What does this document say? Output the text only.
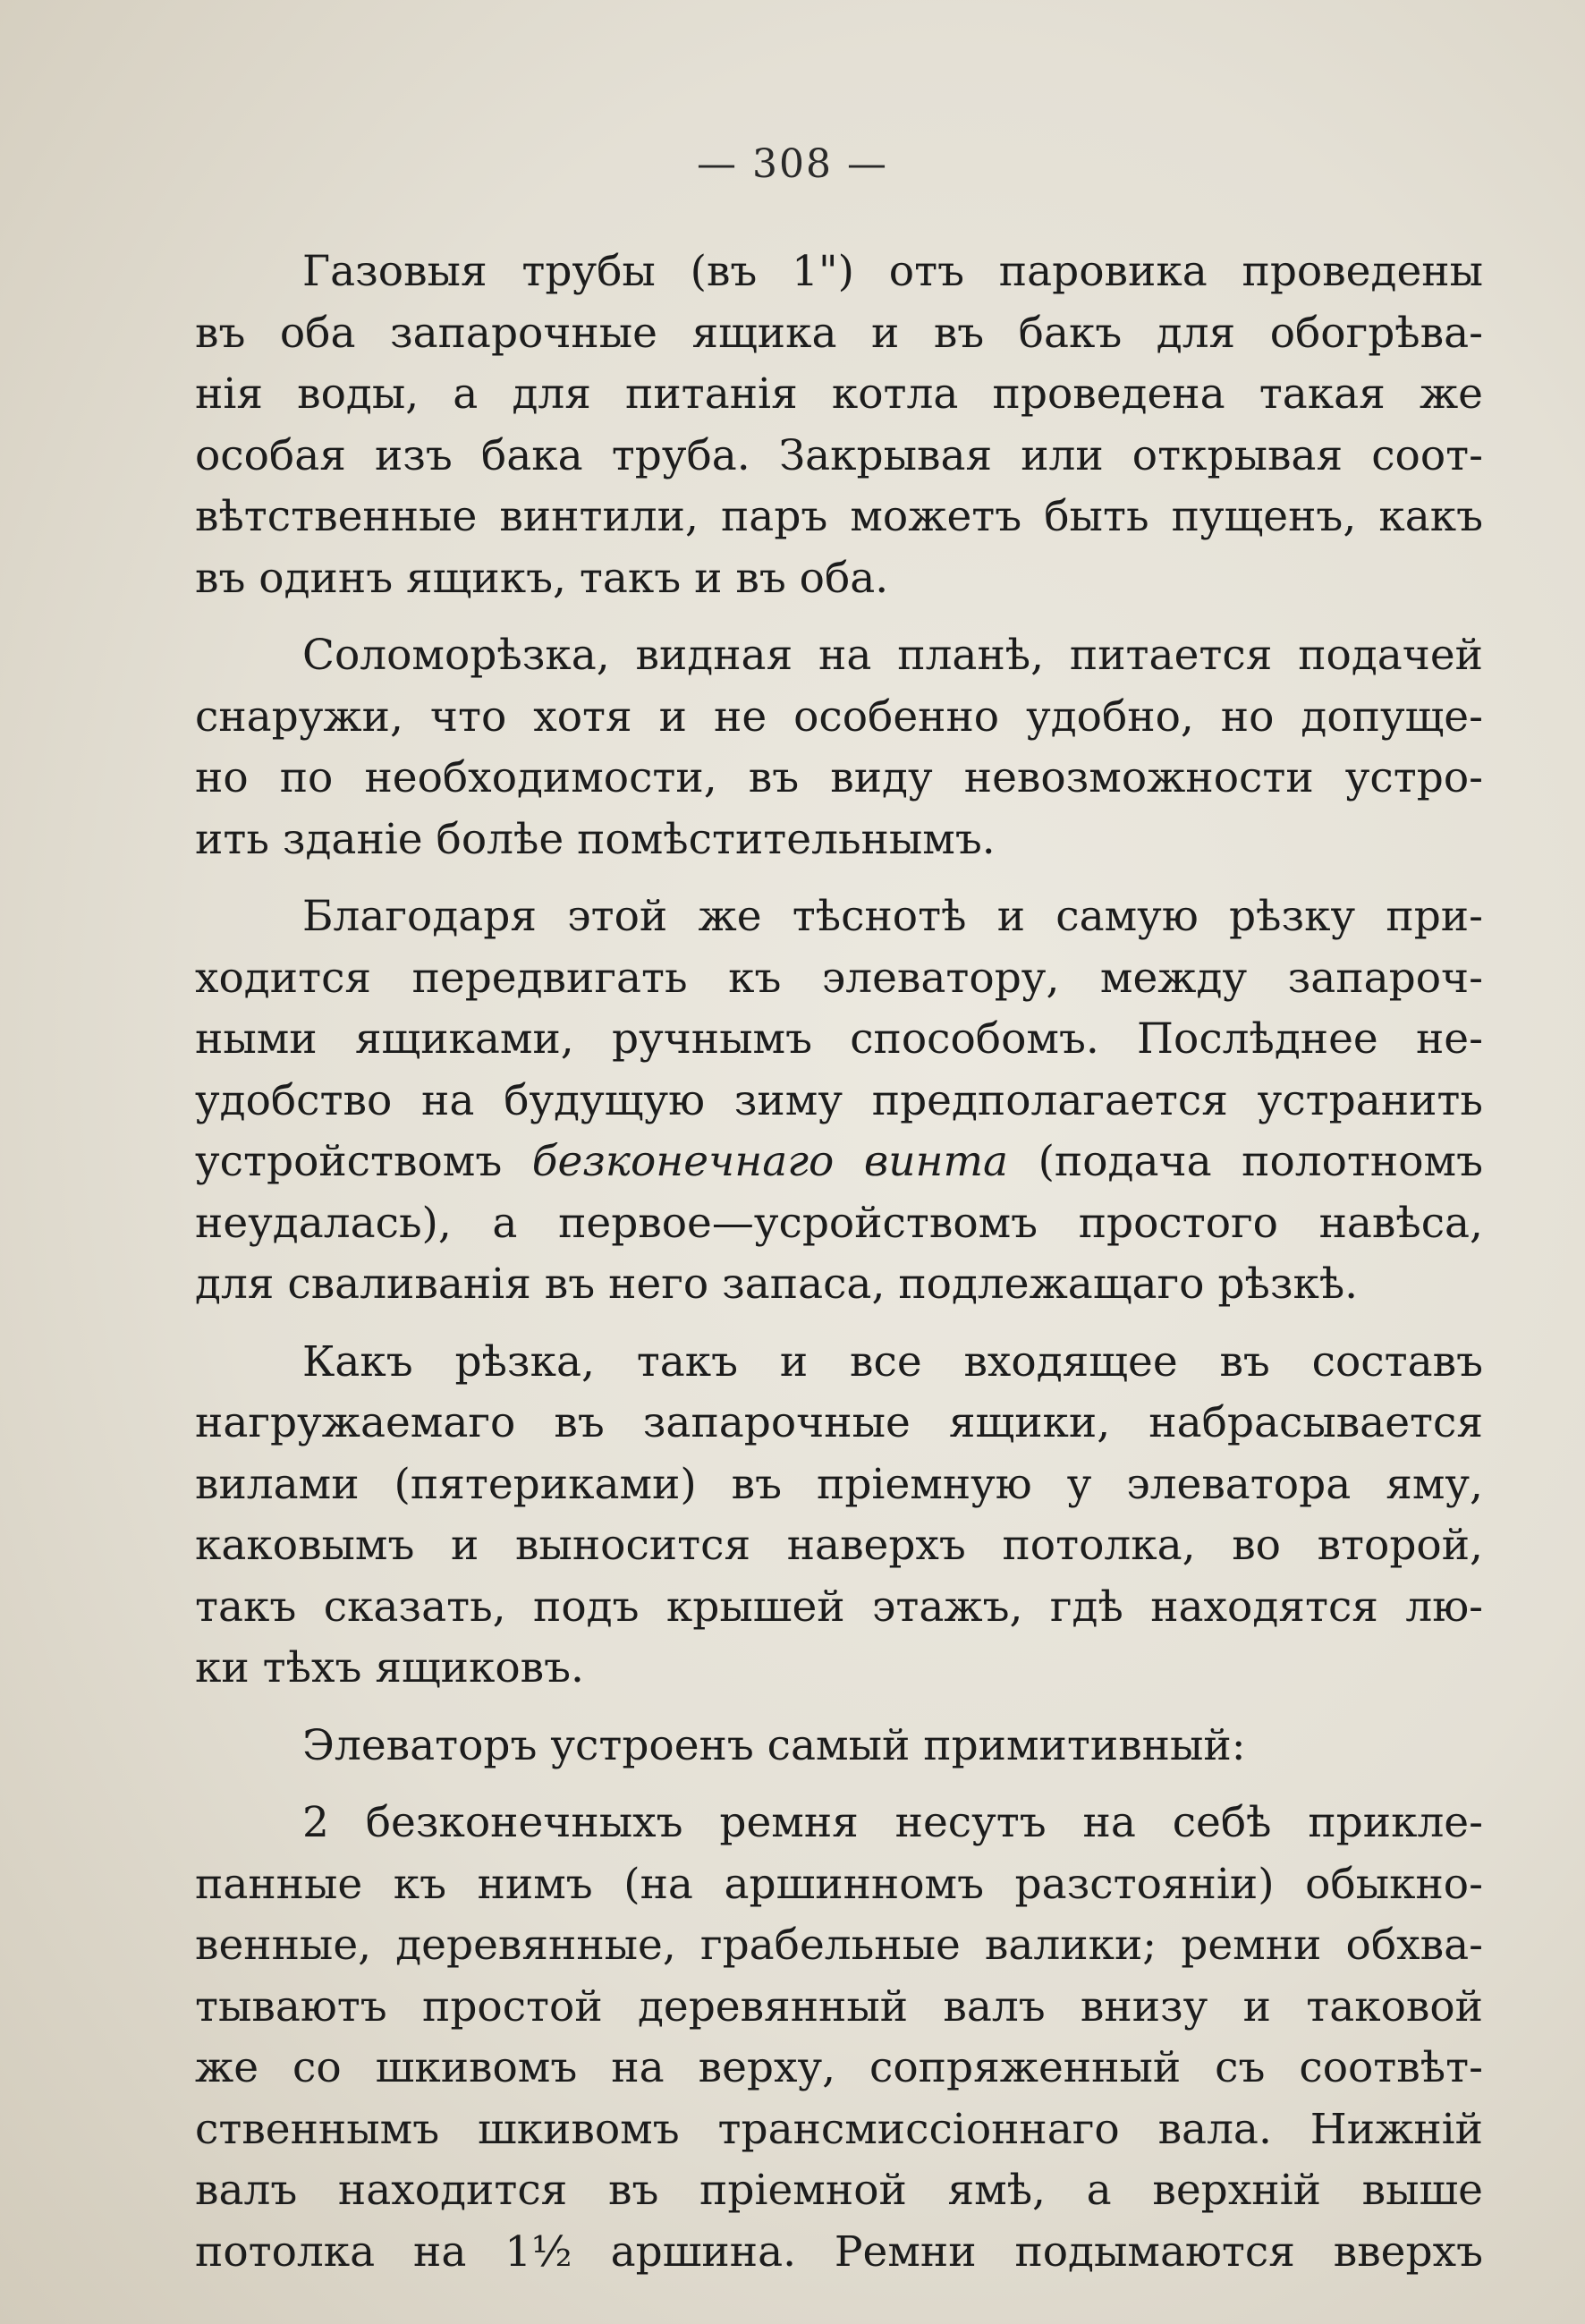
— 308 —
Газовыя трубы (въ 1") отъ паровика проведены
въ оба запарочные ящика и въ бакъ для обогрѣва-
нія воды, а для питанія котла проведена такая же
особая изъ бака труба. Закрывая или открывая соот-
вѣтственные винтили, паръ можетъ быть пущенъ, какъ
въ одинъ ящикъ, такъ и въ оба.
Соломорѣзка, видная на планѣ, питается подачей
снаружи, что хотя и не особенно удобно, но допуще-
но по необходимости, въ виду невозможности устро-
ить зданіе болѣе помѣстительнымъ.
Благодаря этой же тѣснотѣ и самую рѣзку при-
ходится передвигать къ элеватору, между запароч-
ными ящиками, ручнымъ способомъ. Послѣднее не-
удобство на будущую зиму предполагается устранить
устройствомъ безконечнаго винта (подача полотномъ
неудалась), а первое—усройствомъ простого навѣса,
для сваливанія въ него запаса, подлежащаго рѣзкѣ.
Какъ рѣзка, такъ и все входящее въ составъ
нагружаемаго въ запарочные ящики, набрасывается
вилами (пятериками) въ пріемную у элеватора яму,
каковымъ и выносится наверхъ потолка, во второй,
такъ сказать, подъ крышей этажъ, гдѣ находятся лю-
ки тѣхъ ящиковъ.
Элеваторъ устроенъ самый примитивный:
2 безконечныхъ ремня несутъ на себѣ прикле-
панные къ нимъ (на аршинномъ разстояніи) обыкно-
венные, деревянные, грабельные валики; ремни обхва-
тываютъ простой деревянный валъ внизу и таковой
же со шкивомъ на верху, сопряженный съ соотвѣт-
ственнымъ шкивомъ трансмиссіоннаго вала. Нижній
валъ находится въ пріемной ямѣ, а верхній выше
потолка на 1½ аршина. Ремни подымаются вверхъ
